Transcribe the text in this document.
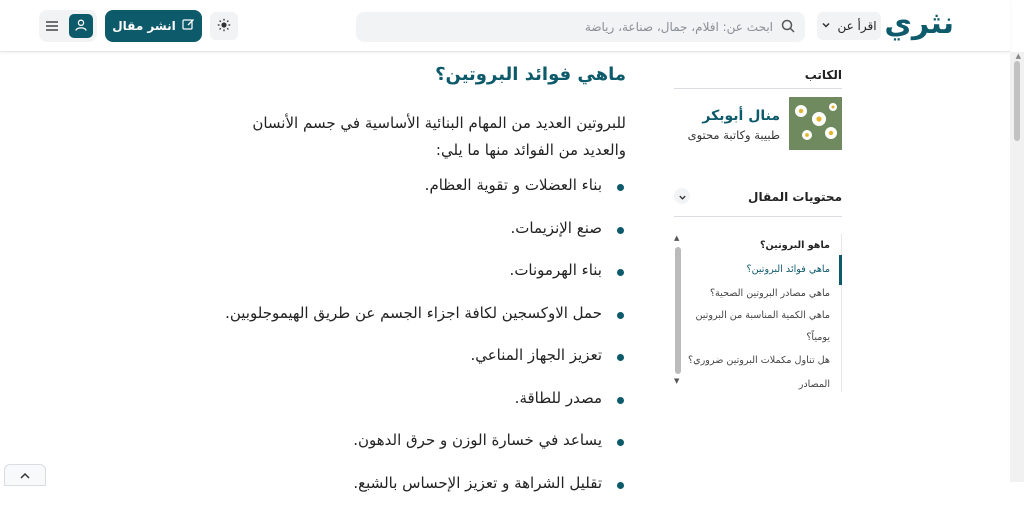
نثري
اقرأ عن
ابحث عن: افلام، جمال، صناعة، رياضة
انشر مقال
الكاتب
منال أبوبكر
طبيبة وكاتبة محتوى
محتويات المقال
ماهو البروتين؟
ماهي فوائد البروتين؟
ماهي مصادر البروتين الصحية؟
ماهي الكمية المناسبة من البروتين
يومياً؟
هل تناول مكملات البروتين ضروري؟
المصادر
▲
▼
ماهي فوائد البروتين؟

للبروتين العديد من المهام البنائية الأساسية في جسم الأنسان والعديد من الفوائد منها ما يلي:

بناء العضلات و تقوية العظام.
صنع الإنزيمات.
بناء الهرمونات.
حمل الاوكسجين لكافة اجزاء الجسم عن طريق الهيموجلوبين.
تعزيز الجهاز المناعي.
مصدر للطاقة.
يساعد في خسارة الوزن و حرق الدهون.
تقليل الشراهة و تعزيز الإحساس بالشبع.
▲
